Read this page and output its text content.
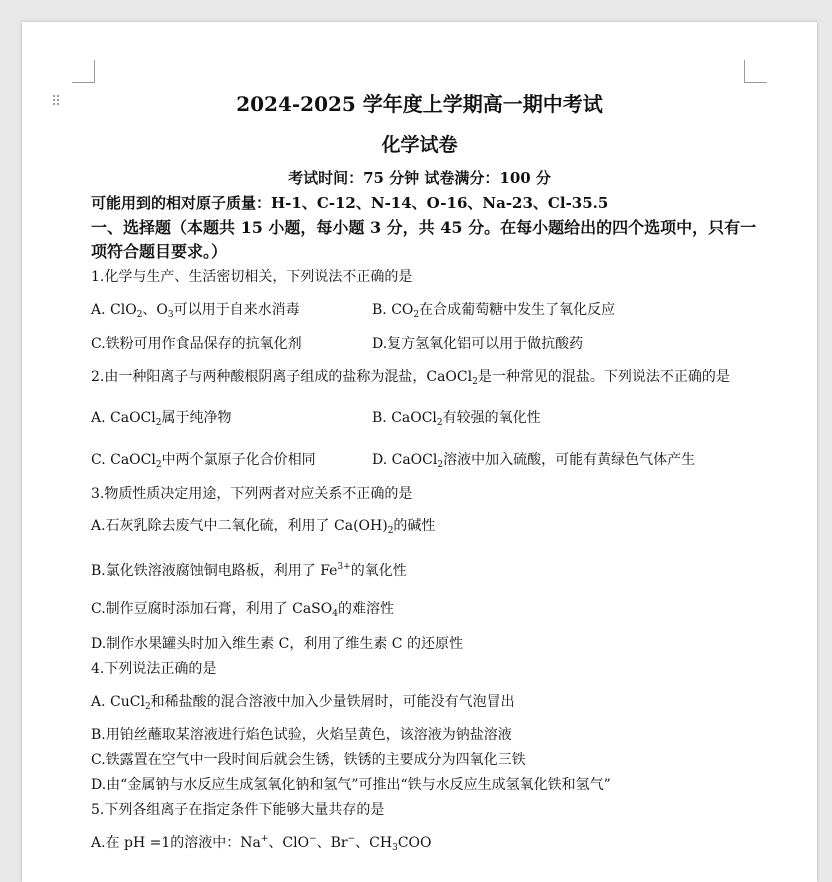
⠿	2024-2025 学年度上学期高一期中考试
化学试卷
考试时间：75 分钟 试卷满分：100 分
可能用到的相对原子质量：H-1、C-12、N-14、O-16、Na-23、Cl-35.5
一、选择题（本题共 15 小题，每小题 3 分，共 45 分。在每小题给出的四个选项中，只有一
项符合题目要求。）
1.化学与生产、生活密切相关，下列说法不正确的是
A. ClO$_2$、$O_3$可以用于自来水消毒	B. $CO_2$在合成葡萄糖中发生了氧化反应
C.铁粉可用作食品保存的抗氧化剂	D.复方氢氧化铝可以用于做抗酸药
2.由一种阳离子与两种酸根阴离子组成的盐称为混盐，CaOCl$_2$是一种常见的混盐。下列说法不正确的是
A. CaOCl$_2$属于纯净物	B. CaOCl$_2$有较强的氧化性
C. CaOCl$_2$中两个氯原子化合价相同	D. CaOCl$_2$溶液中加入硫酸，可能有黄绿色气体产生
3.物质性质决定用途，下列两者对应关系不正确的是
A.石灰乳除去废气中二氧化硫，利用了 $Ca(OH)_2$的碱性
B.氯化铁溶液腐蚀铜电路板，利用了 $Fe^{3+}$的氧化性
C.制作豆腐时添加石膏，利用了 CaSO$_4$的难溶性
D.制作水果罐头时加入维生素 C，利用了维生素 C 的还原性
4.下列说法正确的是
A. CuCl$_2$和稀盐酸的混合溶液中加入少量铁屑时，可能没有气泡冒出
B.用铂丝蘸取某溶液进行焰色试验，火焰呈黄色，该溶液为钠盐溶液
C.铁露置在空气中一段时间后就会生锈，铁锈的主要成分为四氧化三铁
D.由“金属钠与水反应生成氢氧化钠和氢气”可推出“铁与水反应生成氢氧化铁和氢气”
5.下列各组离子在指定条件下能够大量共存的是
A.在 pH =1的溶液中：Na+、ClO−、Br−、$CH_3COO$
